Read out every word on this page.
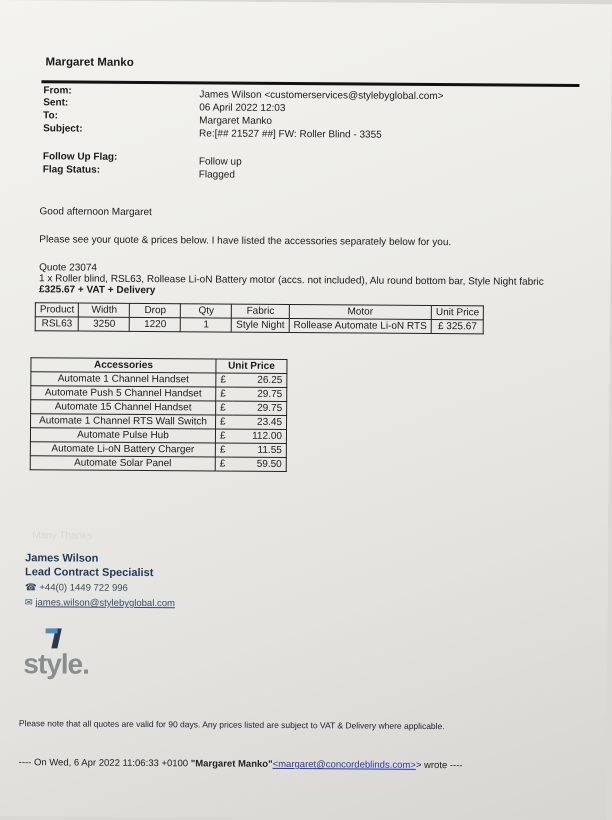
Margaret Manko
From:	James Wilson <customerservices@stylebyglobal.com>
Sent:	06 April 2022 12:03
To:	Margaret Manko
Subject:	Re:[## 21527 ##] FW: Roller Blind - 3355
Follow Up Flag:	Follow up
Flag Status:	Flagged
Good afternoon Margaret
Please see your quote & prices below. I have listed the accessories separately below for you.
Quote 23074
1 x Roller blind, RSL63, Rollease Li-oN Battery motor (accs. not included), Alu round bottom bar, Style Night fabric
£325.67 + VAT + Delivery
Product	Width	Drop	Qty	Fabric	Motor	Unit Price
RSL63	3250	1220	1	Style Night	Rollease Automate Li-oN RTS	£ 325.67
Accessories	Unit Price	
Automate 1 Channel Handset	£	26.25
Automate Push 5 Channel Handset	£	29.75
Automate 15 Channel Handset	£	29.75
Automate 1 Channel RTS Wall Switch	£	23.45
Automate Pulse Hub	£	112.00
Automate Li-oN Battery Charger	£	11.55
Automate Solar Panel	£	59.50
Many Thanks
James Wilson
Lead Contract Specialist
☎ +44(0) 1449 722 996
✉ james.wilson@stylebyglobal.com
style.
Please note that all quotes are valid for 90 days. Any prices listed are subject to VAT & Delivery where applicable.
---- On Wed, 6 Apr 2022 11:06:33 +0100 "Margaret Manko"<margaret@concordeblinds.com>> wrote ----
